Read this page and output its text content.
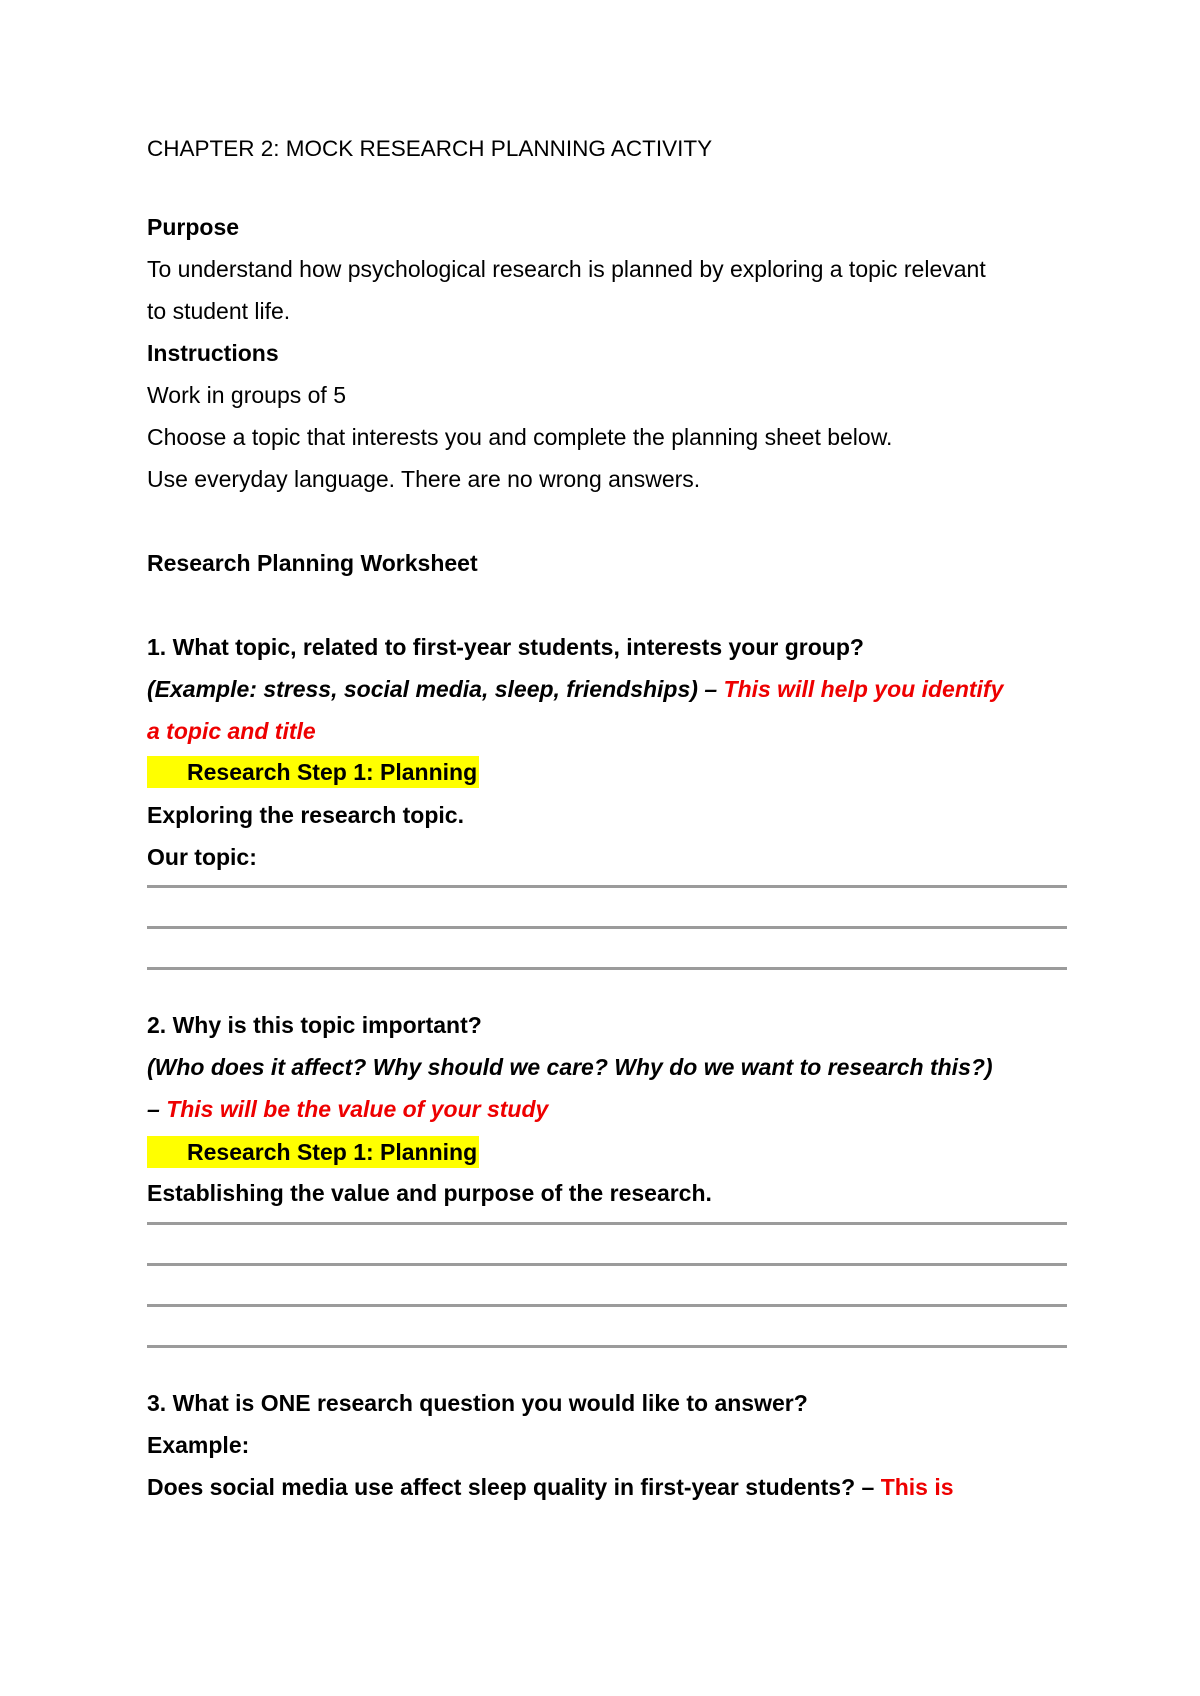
CHAPTER 2: MOCK RESEARCH PLANNING ACTIVITY
Purpose
To understand how psychological research is planned by exploring a topic relevant
to student life.
Instructions
Work in groups of 5
Choose a topic that interests you and complete the planning sheet below.
Use everyday language. There are no wrong answers.
Research Planning Worksheet
1. What topic, related to first-year students, interests your group?
(Example: stress, social media, sleep, friendships) – This will help you identify
a topic and title
Research Step 1: Planning
Exploring the research topic.
Our topic:
2. Why is this topic important?
(Who does it affect? Why should we care? Why do we want to research this?)
– This will be the value of your study
Research Step 1: Planning
Establishing the value and purpose of the research.
3. What is ONE research question you would like to answer?
Example:
Does social media use affect sleep quality in first-year students? – This is
